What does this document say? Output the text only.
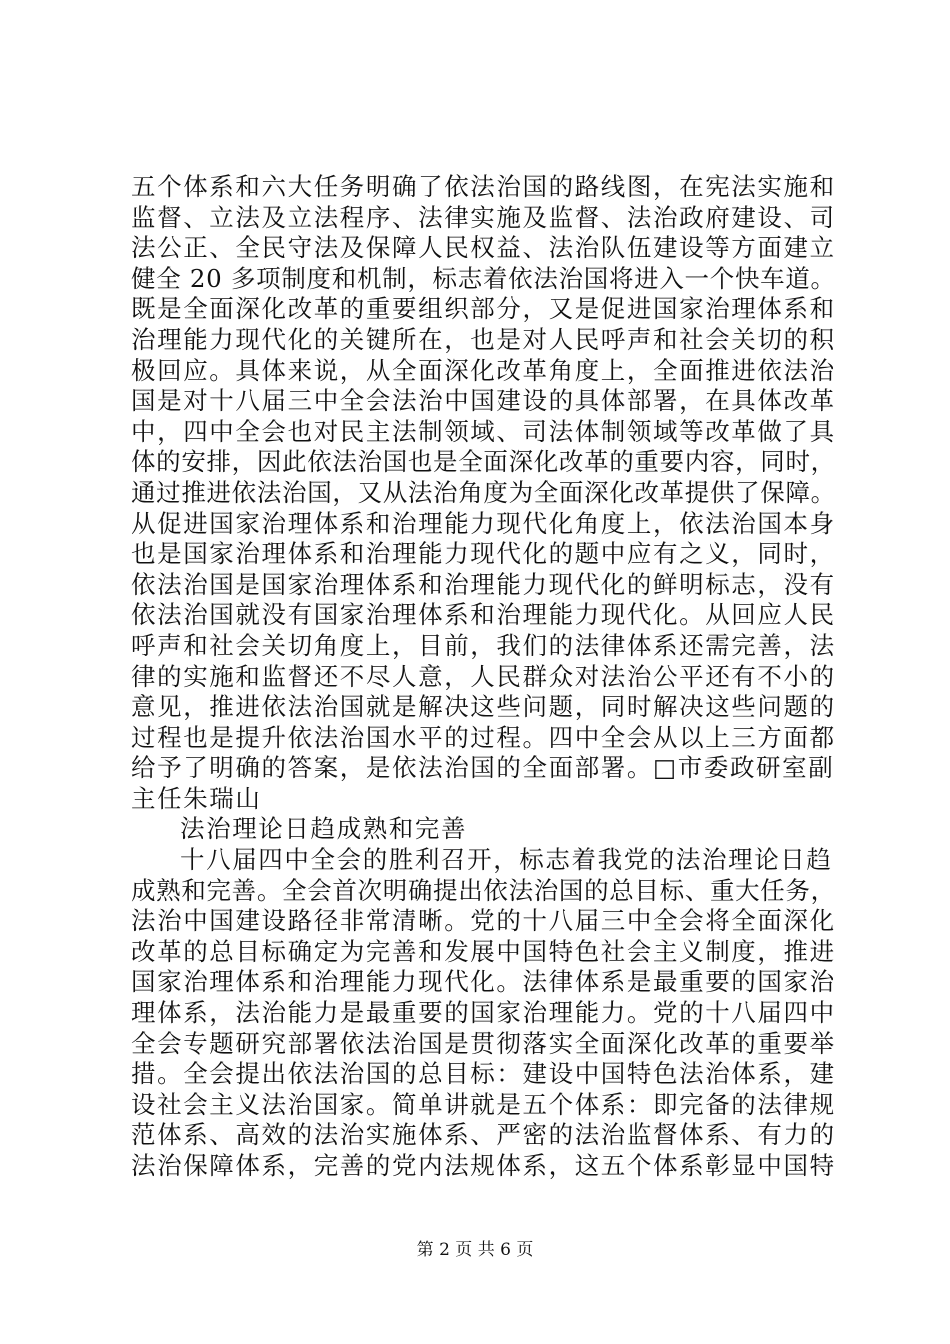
五个体系和六大任务明确了依法治国的路线图，在宪法实施和
监督、立法及立法程序、法律实施及监督、法治政府建设、司
法公正、全民守法及保障人民权益、法治队伍建设等方面建立
健全 20 多项制度和机制，标志着依法治国将进入一个快车道。
既是全面深化改革的重要组织部分，又是促进国家治理体系和
治理能力现代化的关键所在，也是对人民呼声和社会关切的积
极回应。具体来说，从全面深化改革角度上，全面推进依法治
国是对十八届三中全会法治中国建设的具体部署，在具体改革
中，四中全会也对民主法制领域、司法体制领域等改革做了具
体的安排，因此依法治国也是全面深化改革的重要内容，同时，
通过推进依法治国，又从法治角度为全面深化改革提供了保障。
从促进国家治理体系和治理能力现代化角度上，依法治国本身
也是国家治理体系和治理能力现代化的题中应有之义，同时，
依法治国是国家治理体系和治理能力现代化的鲜明标志，没有
依法治国就没有国家治理体系和治理能力现代化。从回应人民
呼声和社会关切角度上，目前，我们的法律体系还需完善，法
律的实施和监督还不尽人意，人民群众对法治公平还有不小的
意见，推进依法治国就是解决这些问题，同时解决这些问题的
过程也是提升依法治国水平的过程。四中全会从以上三方面都
给予了明确的答案，是依法治国的全面部署。□市委政研室副
主任朱瑞山
法治理论日趋成熟和完善
十八届四中全会的胜利召开，标志着我党的法治理论日趋
成熟和完善。全会首次明确提出依法治国的总目标、重大任务，
法治中国建设路径非常清晰。党的十八届三中全会将全面深化
改革的总目标确定为完善和发展中国特色社会主义制度，推进
国家治理体系和治理能力现代化。法律体系是最重要的国家治
理体系，法治能力是最重要的国家治理能力。党的十八届四中
全会专题研究部署依法治国是贯彻落实全面深化改革的重要举
措。全会提出依法治国的总目标：建设中国特色法治体系，建
设社会主义法治国家。简单讲就是五个体系：即完备的法律规
范体系、高效的法治实施体系、严密的法治监督体系、有力的
法治保障体系，完善的党内法规体系，这五个体系彰显中国特
第 2 页 共 6 页
